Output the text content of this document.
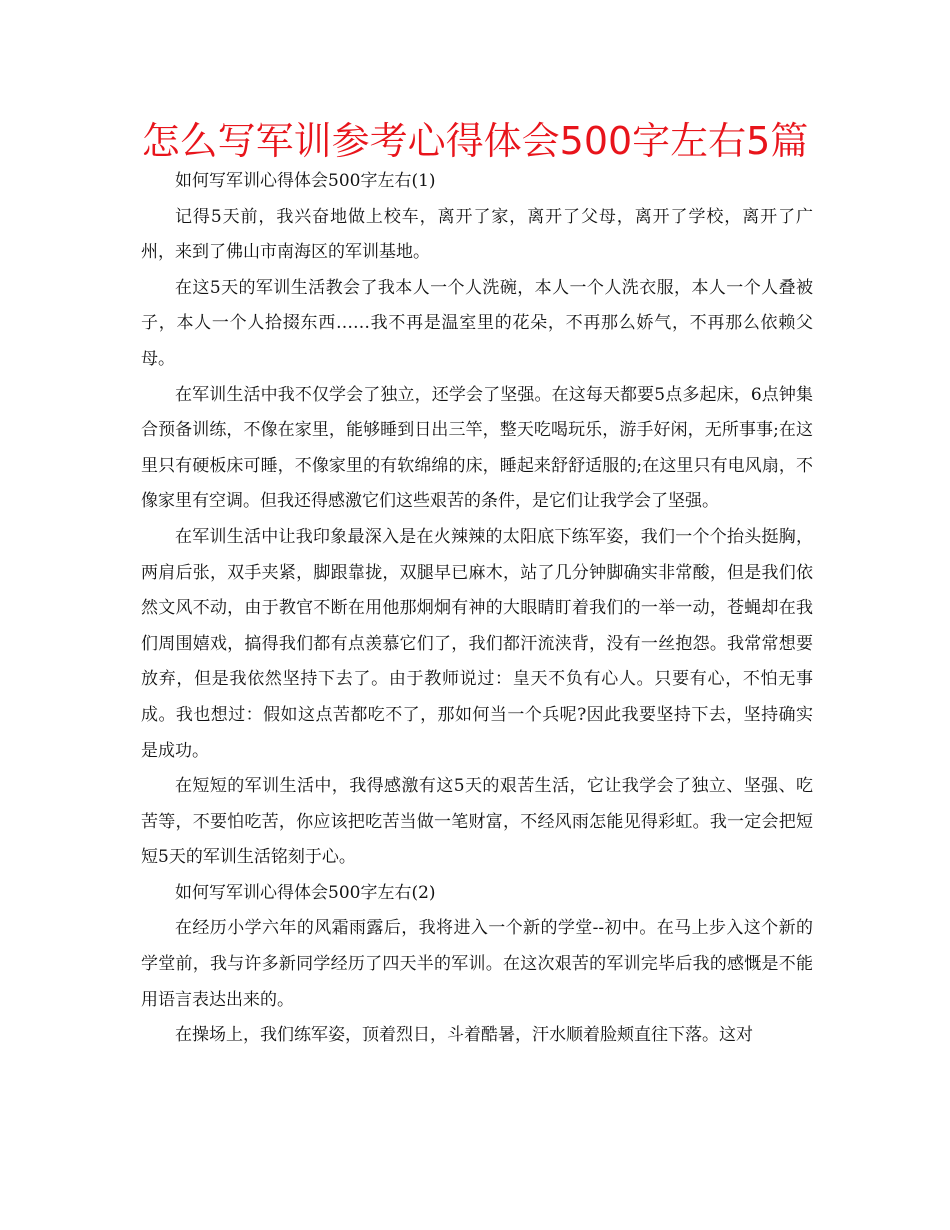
怎么写军训参考心得体会500字左右5篇

如何写军训心得体会500字左右(1)

记得5天前，我兴奋地做上校车，离开了家，离开了父母，离开了学校，离开了广州，来到了佛山市南海区的军训基地。

在这5天的军训生活教会了我本人一个人洗碗，本人一个人洗衣服，本人一个人叠被子，本人一个人拾掇东西……我不再是温室里的花朵，不再那么娇气，不再那么依赖父母。

在军训生活中我不仅学会了独立，还学会了坚强。在这每天都要5点多起床，6点钟集合预备训练，不像在家里，能够睡到日出三竿，整天吃喝玩乐，游手好闲，无所事事;在这里只有硬板床可睡，不像家里的有软绵绵的床，睡起来舒舒适服的;在这里只有电风扇，不像家里有空调。但我还得感激它们这些艰苦的条件，是它们让我学会了坚强。

在军训生活中让我印象最深入是在火辣辣的太阳底下练军姿，我们一个个抬头挺胸，两肩后张，双手夹紧，脚跟靠拢，双腿早已麻木，站了几分钟脚确实非常酸，但是我们依然文风不动，由于教官不断在用他那炯炯有神的大眼睛盯着我们的一举一动，苍蝇却在我们周围嬉戏，搞得我们都有点羡慕它们了，我们都汗流浃背，没有一丝抱怨。我常常想要放弃，但是我依然坚持下去了。由于教师说过：皇天不负有心人。只要有心，不怕无事成。我也想过：假如这点苦都吃不了，那如何当一个兵呢?因此我要坚持下去，坚持确实是成功。

在短短的军训生活中，我得感激有这5天的艰苦生活，它让我学会了独立、坚强、吃苦等，不要怕吃苦，你应该把吃苦当做一笔财富，不经风雨怎能见得彩虹。我一定会把短短5天的军训生活铭刻于心。

如何写军训心得体会500字左右(2)

在经历小学六年的风霜雨露后，我将进入一个新的学堂--初中。在马上步入这个新的学堂前，我与许多新同学经历了四天半的军训。在这次艰苦的军训完毕后我的感慨是不能用语言表达出来的。

在操场上，我们练军姿，顶着烈日，斗着酷暑，汗水顺着脸颊直往下落。这对
